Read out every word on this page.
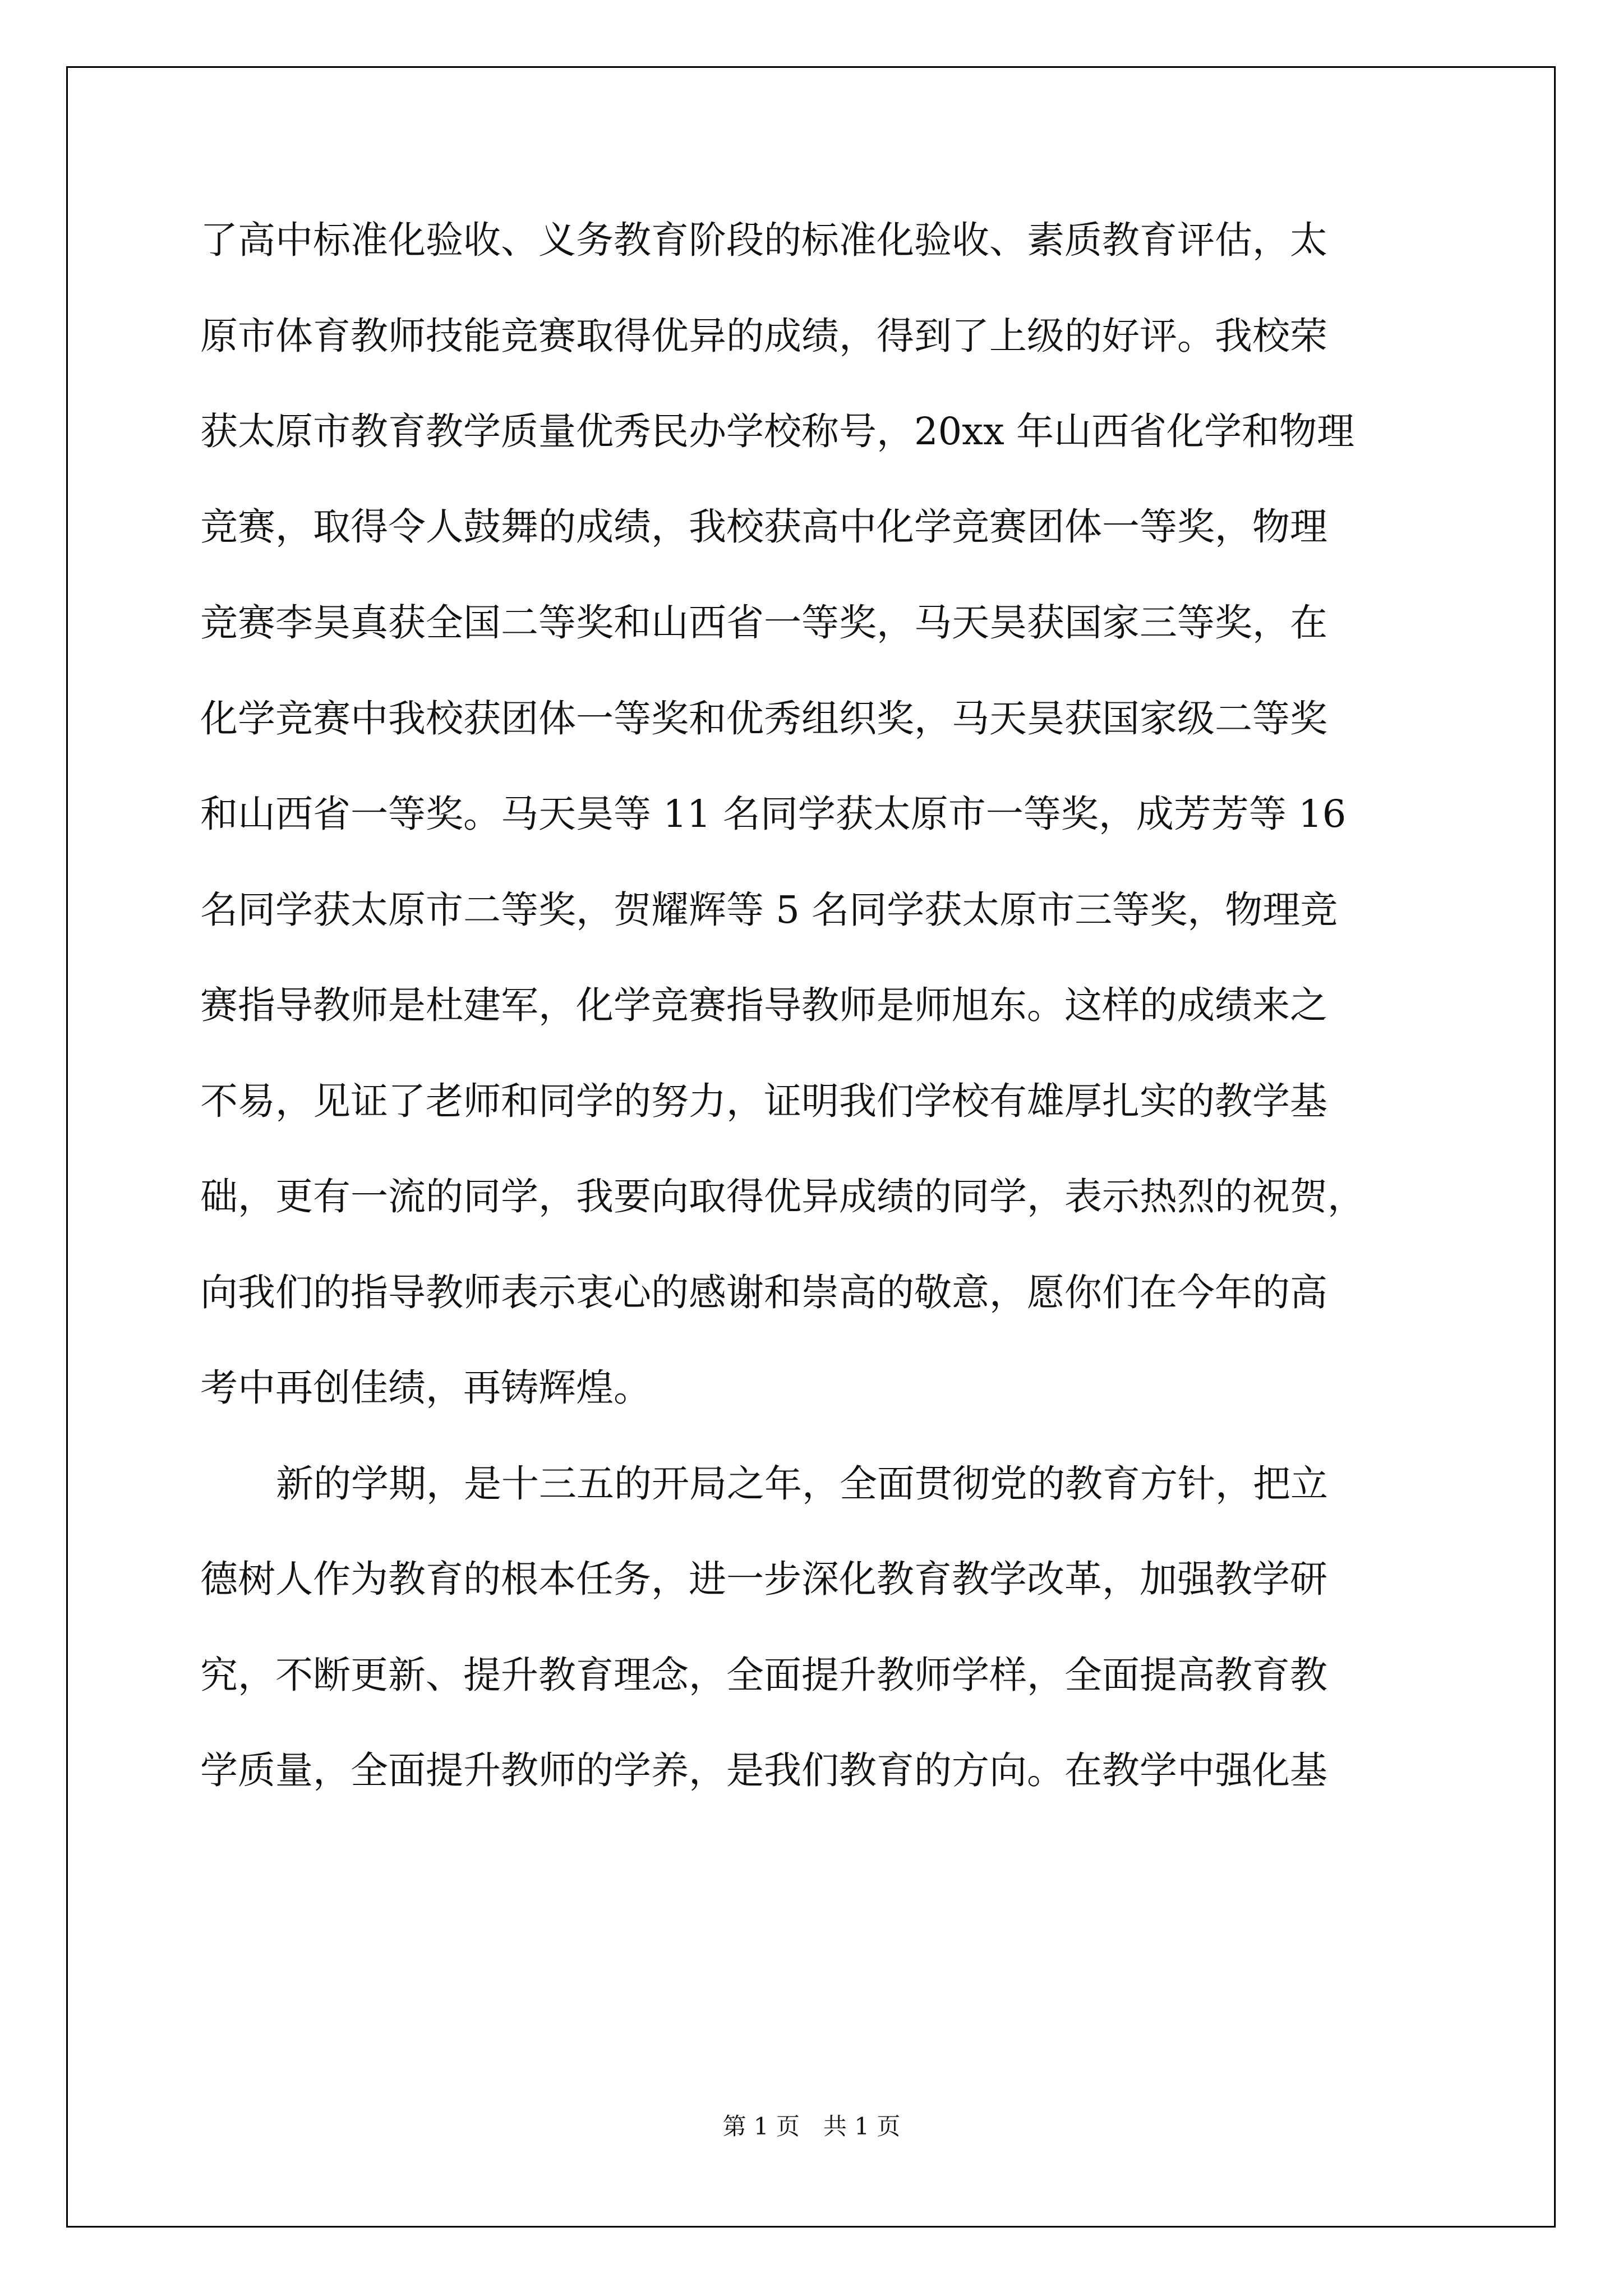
了高中标准化验收、义务教育阶段的标准化验收、素质教育评估，太
原市体育教师技能竞赛取得优异的成绩，得到了上级的好评。我校荣
获太原市教育教学质量优秀民办学校称号，20xx 年山西省化学和物理
竞赛，取得令人鼓舞的成绩，我校获高中化学竞赛团体一等奖，物理
竞赛李昊真获全国二等奖和山西省一等奖，马天昊获国家三等奖，在
化学竞赛中我校获团体一等奖和优秀组织奖，马天昊获国家级二等奖
和山西省一等奖。马天昊等 11 名同学获太原市一等奖，成芳芳等 16
名同学获太原市二等奖，贺耀辉等 5 名同学获太原市三等奖，物理竞
赛指导教师是杜建军，化学竞赛指导教师是师旭东。这样的成绩来之
不易，见证了老师和同学的努力，证明我们学校有雄厚扎实的教学基
础，更有一流的同学，我要向取得优异成绩的同学，表示热烈的祝贺，
向我们的指导教师表示衷心的感谢和崇高的敬意，愿你们在今年的高
考中再创佳绩，再铸辉煌。
新的学期，是十三五的开局之年，全面贯彻党的教育方针，把立
德树人作为教育的根本任务，进一步深化教育教学改革，加强教学研
究，不断更新、提升教育理念，全面提升教师学样，全面提高教育教
学质量，全面提升教师的学养，是我们教育的方向。在教学中强化基
第 1 页　共 1 页
